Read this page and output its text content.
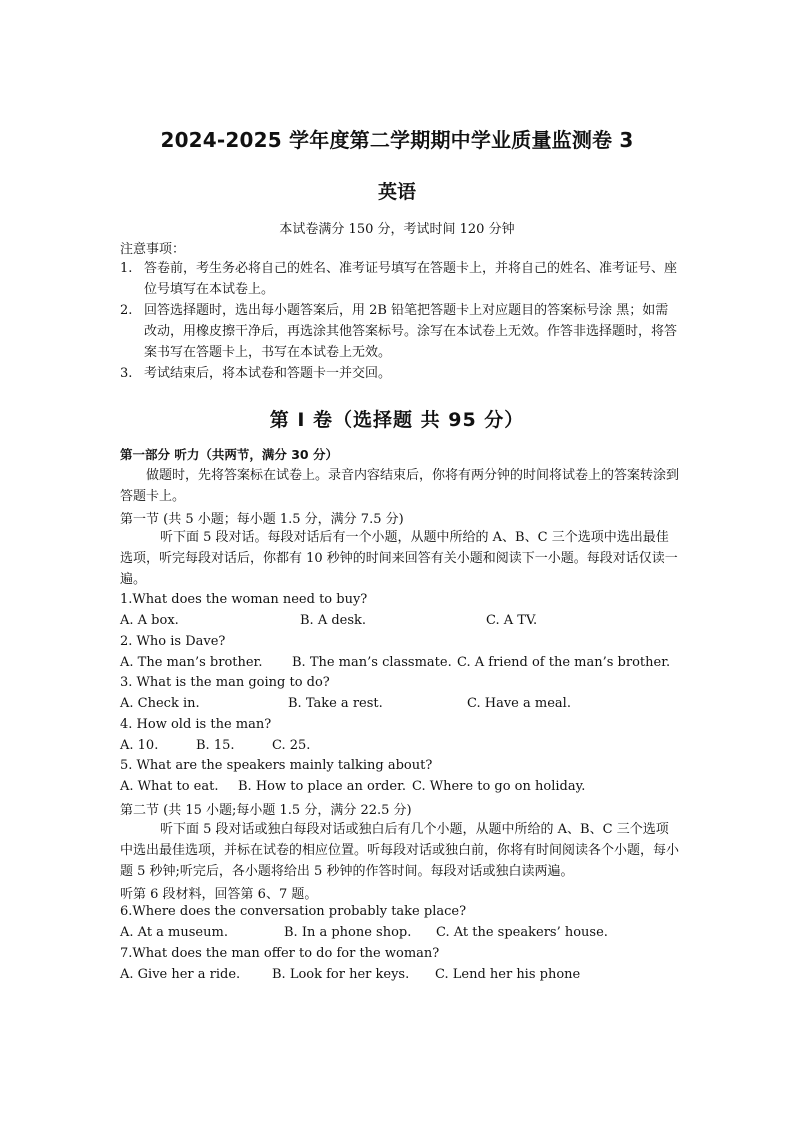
2024-2025 学年度第二学期期中学业质量监测卷 3
英语
本试卷满分 150 分，考试时间 120 分钟
注意事项：
1. 答卷前，考生务必将自己的姓名、准考证号填写在答题卡上，并将自己的姓名、准考证号、座位号填写在本试卷上。
2. 回答选择题时，选出每小题答案后，用 2B 铅笔把答题卡上对应题目的答案标号涂 黑；如需改动，用橡皮擦干净后，再选涂其他答案标号。涂写在本试卷上无效。作答非选择题时，将答案书写在答题卡上，书写在本试卷上无效。
3. 考试结束后，将本试卷和答题卡一并交回。
第 I 卷（选择题 共 95 分）
第一部分 听力（共两节，满分 30 分）
做题时，先将答案标在试卷上。录音内容结束后，你将有两分钟的时间将试卷上的答案转涂到答题卡上。
第一节 (共 5 小题；每小题 1.5 分，满分 7.5 分)
听下面 5 段对话。每段对话后有一个小题，从题中所给的 A、B、C 三个选项中选出最佳选项，听完每段对话后，你都有 10 秒钟的时间来回答有关小题和阅读下一小题。每段对话仅读一遍。
1.What does the woman need to buy?
A. A box.	B. A desk.	C. A TV.
2. Who is Dave?
A. The man’s brother. B. The man’s classmate. C. A friend of the man’s brother.
3. What is the man going to do?
A. Check in.	B. Take a rest.	C. Have a meal.
4. How old is the man?
A. 10.	B. 15.	C. 25.
5. What are the speakers mainly talking about?
A. What to eat. B. How to place an order. C. Where to go on holiday.
第二节 (共 15 小题;每小题 1.5 分，满分 22.5 分)
听下面 5 段对话或独白每段对话或独白后有几个小题，从题中所给的 A、B、C 三个选项中选出最佳选项，并标在试卷的相应位置。听每段对话或独白前，你将有时间阅读各个小题，每小题 5 秒钟;听完后，各小题将给出 5 秒钟的作答时间。每段对话或独白读两遍。
听第 6 段材料，回答第 6、7 题。
6.Where does the conversation probably take place?
A. At a museum.	B. In a phone shop. C. At the speakers’ house.
7.What does the man offer to do for the woman?
A. Give her a ride. B. Look for her keys. C. Lend her his phone
